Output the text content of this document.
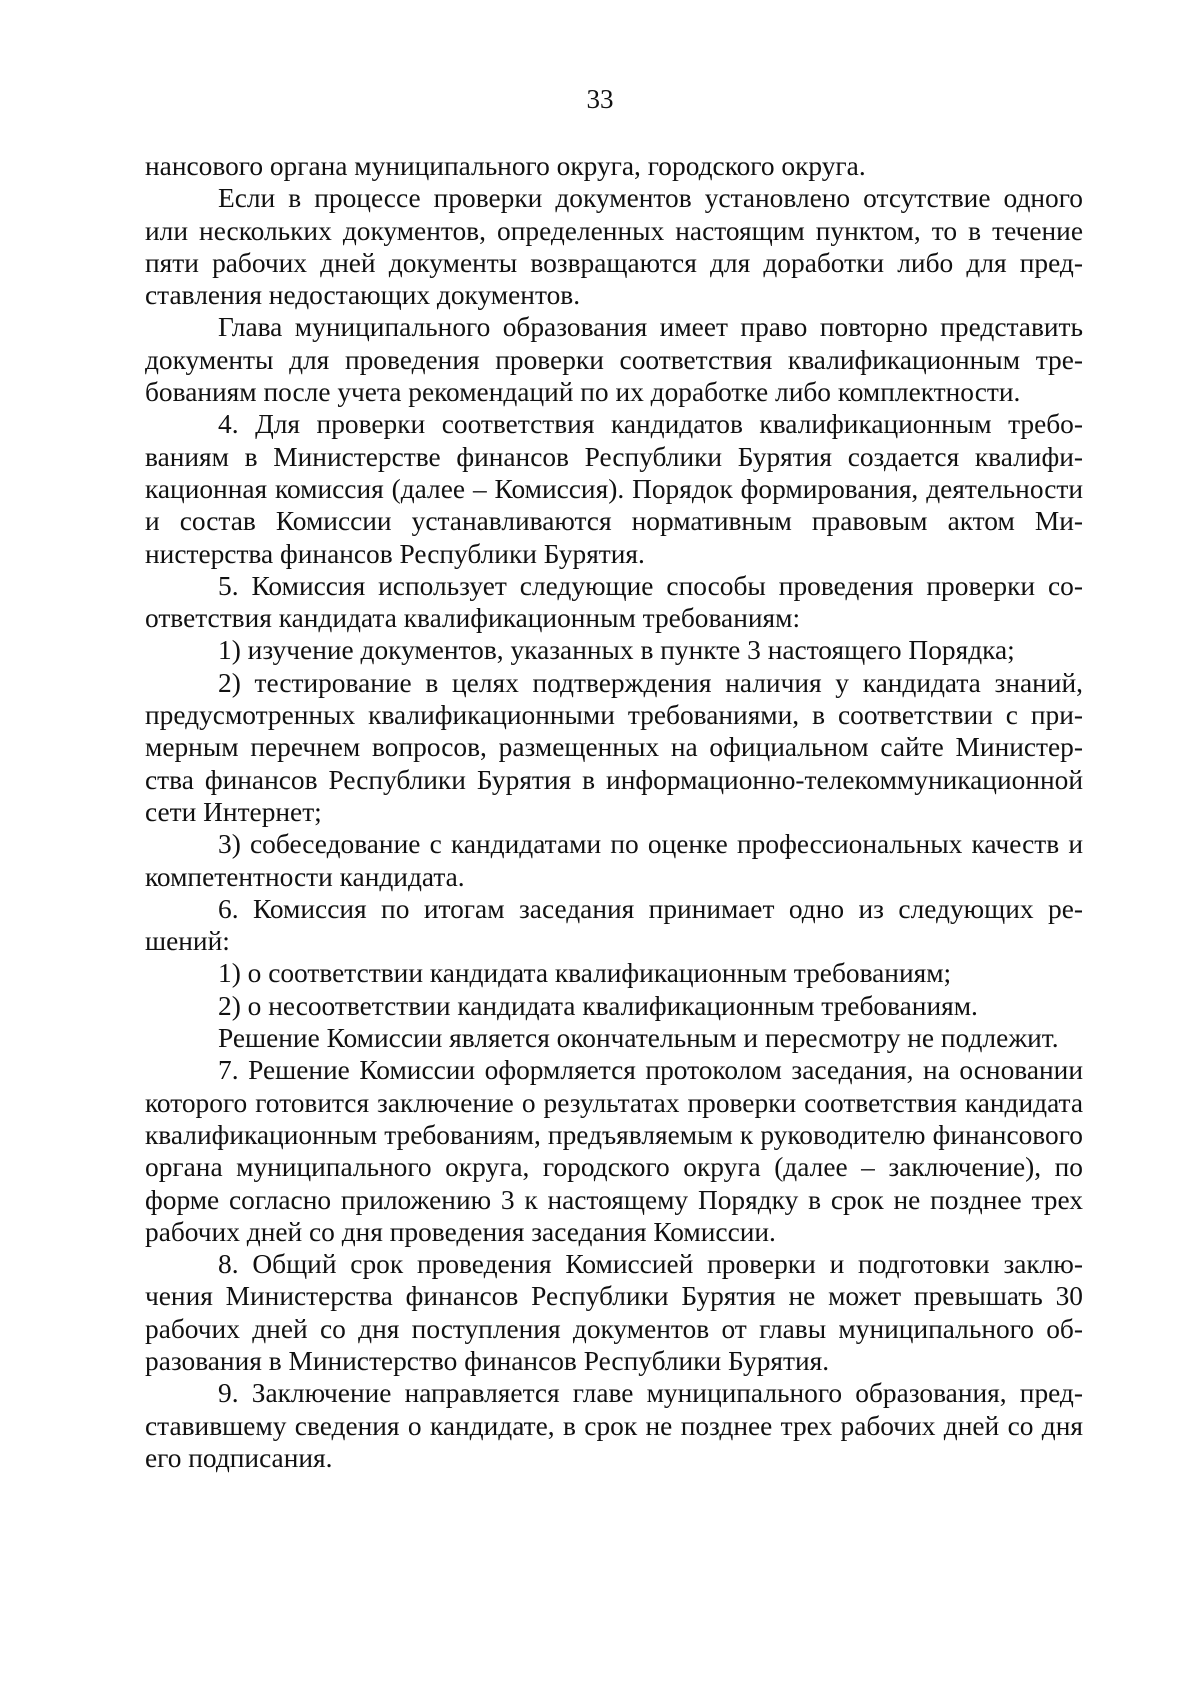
33

нансового органа муниципального округа, городского округа.

Если в процессе проверки документов установлено отсутствие одного или нескольких документов, определенных настоящим пунктом, то в течение пяти рабочих дней документы возвращаются для доработки либо для представления недостающих документов.

Глава муниципального образования имеет право повторно представить документы для проведения проверки соответствия квалификационным требованиям после учета рекомендаций по их доработке либо комплектности.

4. Для проверки соответствия кандидатов квалификационным требованиям в Министерстве финансов Республики Бурятия создается квалификационная комиссия (далее – Комиссия). Порядок формирования, деятельности и состав Комиссии устанавливаются нормативным правовым актом Министерства финансов Республики Бурятия.

5. Комиссия использует следующие способы проведения проверки соответствия кандидата квалификационным требованиям:

1) изучение документов, указанных в пункте 3 настоящего Порядка;

2) тестирование в целях подтверждения наличия у кандидата знаний, предусмотренных квалификационными требованиями, в соответствии с примерным перечнем вопросов, размещенных на официальном сайте Министерства финансов Республики Бурятия в информационно-телекоммуникационной сети Интернет;

3) собеседование с кандидатами по оценке профессиональных качеств и компетентности кандидата.

6. Комиссия по итогам заседания принимает одно из следующих решений:

1) о соответствии кандидата квалификационным требованиям;

2) о несоответствии кандидата квалификационным требованиям.

Решение Комиссии является окончательным и пересмотру не подлежит.

7. Решение Комиссии оформляется протоколом заседания, на основании которого готовится заключение о результатах проверки соответствия кандидата квалификационным требованиям, предъявляемым к руководителю финансового органа муниципального округа, городского округа (далее – заключение), по форме согласно приложению 3 к настоящему Порядку в срок не позднее трех рабочих дней со дня проведения заседания Комиссии.

8. Общий срок проведения Комиссией проверки и подготовки заключения Министерства финансов Республики Бурятия не может превышать 30 рабочих дней со дня поступления документов от главы муниципального образования в Министерство финансов Республики Бурятия.

9. Заключение направляется главе муниципального образования, представившему сведения о кандидате, в срок не позднее трех рабочих дней со дня его подписания.
